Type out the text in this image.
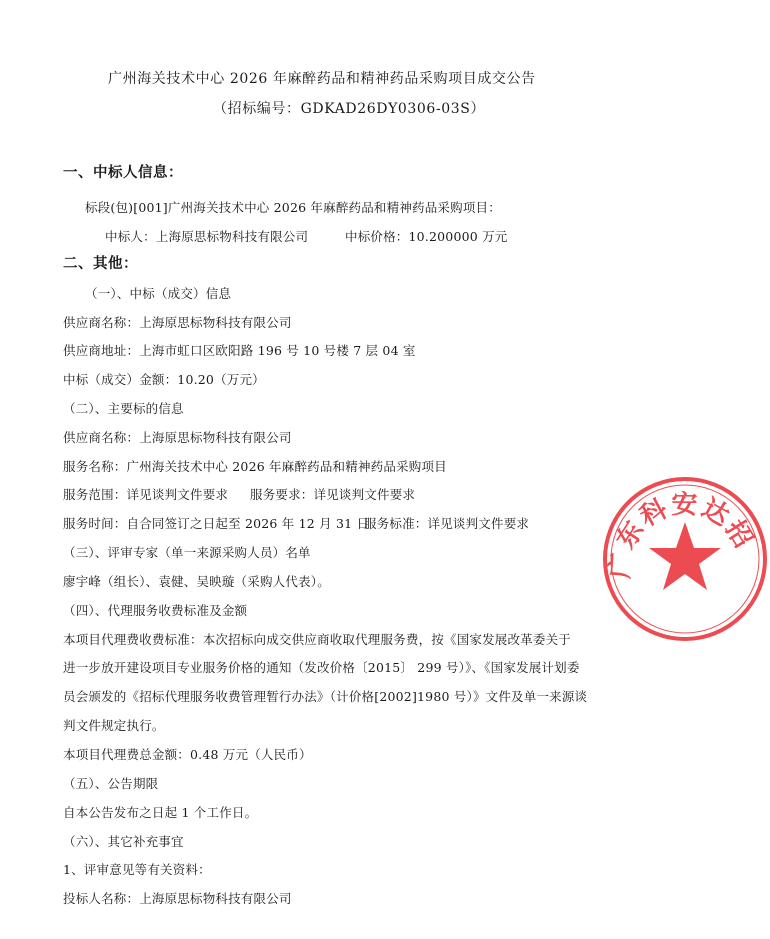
广州海关技术中心 2026 年麻醉药品和精神药品采购项目成交公告
（招标编号：GDKAD26DY0306-03S）
一、中标人信息：
标段(包)[001]广州海关技术中心 2026 年麻醉药品和精神药品采购项目：
中标人：上海原思标物科技有限公司	中标价格：10.200000 万元
二、其他：
（一）、中标（成交）信息
供应商名称：上海原思标物科技有限公司
供应商地址：上海市虹口区欧阳路 196 号 10 号楼 7 层 04 室
中标（成交）金额：10.20（万元）
（二）、主要标的信息
供应商名称：上海原思标物科技有限公司
服务名称：广州海关技术中心 2026 年麻醉药品和精神药品采购项目
服务范围：详见谈判文件要求 服务要求：详见谈判文件要求
服务时间：自合同签订之日起至 2026 年 12 月 31 日
服务标准：详见谈判文件要求
（三）、评审专家（单一来源采购人员）名单
廖宇峰（组长）、袁健、吴映璇（采购人代表）。
（四）、代理服务收费标准及金额
本项目代理费收费标准：本次招标向成交供应商收取代理服务费，按《国家发展改革委关于
进一步放开建设项目专业服务价格的通知（发改价格〔2015〕 299 号）》、《国家发展计划委
员会颁发的《招标代理服务收费管理暂行办法》（计价格[2002]1980 号）》文件及单一来源谈
判文件规定执行。
本项目代理费总金额：0.48 万元（人民币）
（五）、公告期限
自本公告发布之日起 1 个工作日。
（六）、其它补充事宜
1、评审意见等有关资料：
投标人名称：上海原思标物科技有限公司
广东科安达招
